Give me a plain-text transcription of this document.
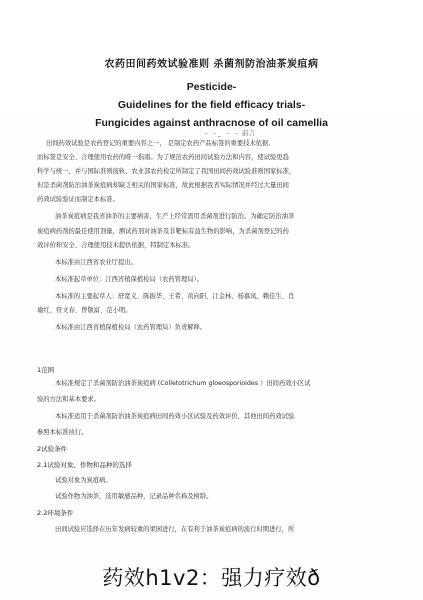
农药田间药效试验准则 杀菌剂防治油茶炭疽病
Pesticide-
Guidelines for the field efficacy trials-
Fungicides against anthracnose of oil camellia
- -_ - - 前言
田间药效试验是农药登记的重要内容之一， 是制定农药产品标签的重要技术依据.
而标签是安全、合理使用农药的唯一指南。为了规范农药田间试验方法和内容，使试验更趋
科学与统一，并与国际准则接轨、农业部农药检定所制定了我国田间药效试验准则国家标准，
但是杀菌剂防治油茶炭疽病却缺乏相关的国家标准，故此根据我省实际情况并经过大量田间
药效试验验证而制定本标准。
油茶炭疽病是我省油茶的主要病害，生产上经常需用杀菌剂进行防治。为确定防治油茶
炭疽病药剂的最佳使用剂量，测试药剂对油茶及非靶标有益生物的影响，为杀菌剂登记的药
效评价和安全、合理使用技术提供依据，特制定本标准。
本标准由江西省农业厅提出。
本标准起草单位：江西省植保植检局（农药管理局）。
本标准的主要起草人：舒宽义、陈振华、王希、黄向阳、江金林、杨慕凤、赖佳生、肖
瑜红、符文春、曾敬富、范小明。
本标准由江西省植保植检局（农药管理局）负责解释。
1范围
本标准规定了杀菌剂防治油茶炭疽病 (Colletotrichum gloeosporioides ）田间药效小区试
验的方法和基本要求。
本标准适用于杀菌剂防治油茶炭疽病田间药效小区试验及药效评价，其他田间药效试验
参照本标准执行。
2试验条件
2.1试验对象、作物和品种的选择
试验对象为炭疽病。
试验作物为油茶，选用敏感品种，记录品种名称及树龄。
2.2环境条件
田间试验应选择在历年发病较重的果园进行，在有利于油茶炭疽病的流行时期进行，所
药效h1v2：强力疗效ð
